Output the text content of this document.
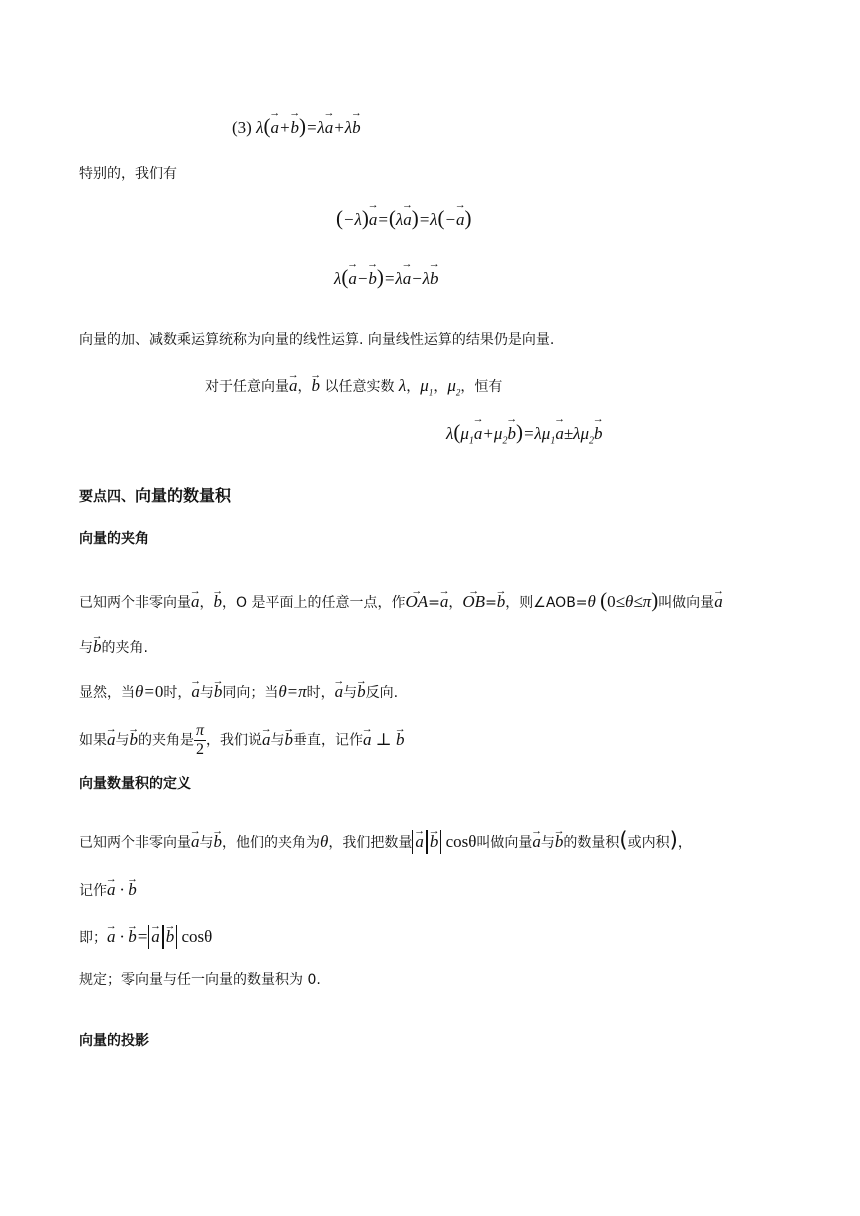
(3) λ(→ a+→ b)=λ→ a+λ→ b
特别的，我们有
(−λ)→ a=(λ→ a)=λ(−→ a)
λ(→ a−→ b)=λ→ a−λ→ b
向量的加、减数乘运算统称为向量的线性运算. 向量线性运算的结果仍是向量.
对于任意向量→ a，→ b 以任意实数 λ，$\mu_1$，$\mu_2$，恒有
$\lambda(\mu_1\to a+\mu_2\to b)=\lambda\mu_1\to a\pm\lambda\mu_2\to b$
要点四、向量的数量积
向量的夹角
已知两个非零向量→ a，→ b，O 是平面上的任意一点，作→ OA=→ a，→ OB=→ b，则∠AOB=θ (0≤θ≤π)叫做向量→ a
与→ b的夹角.
显然，当θ=0时，→ a与→ b同向；当θ=π时，→ a与→ b反向.
如果→ a与→ b的夹角是 $\frac{\pi}{2}$ ，我们说→ a与→ b垂直，记作→ a ⊥ → b
向量数量积的定义
已知两个非零向量→ a与→ b，他们的夹角为θ，我们把数量 → a → b cosθ叫做向量→ a与→ b的数量积(或内积)，
记作→ a · → b
即；→ a · → b= → a → b cosθ
规定；零向量与任一向量的数量积为 0.
向量的投影
